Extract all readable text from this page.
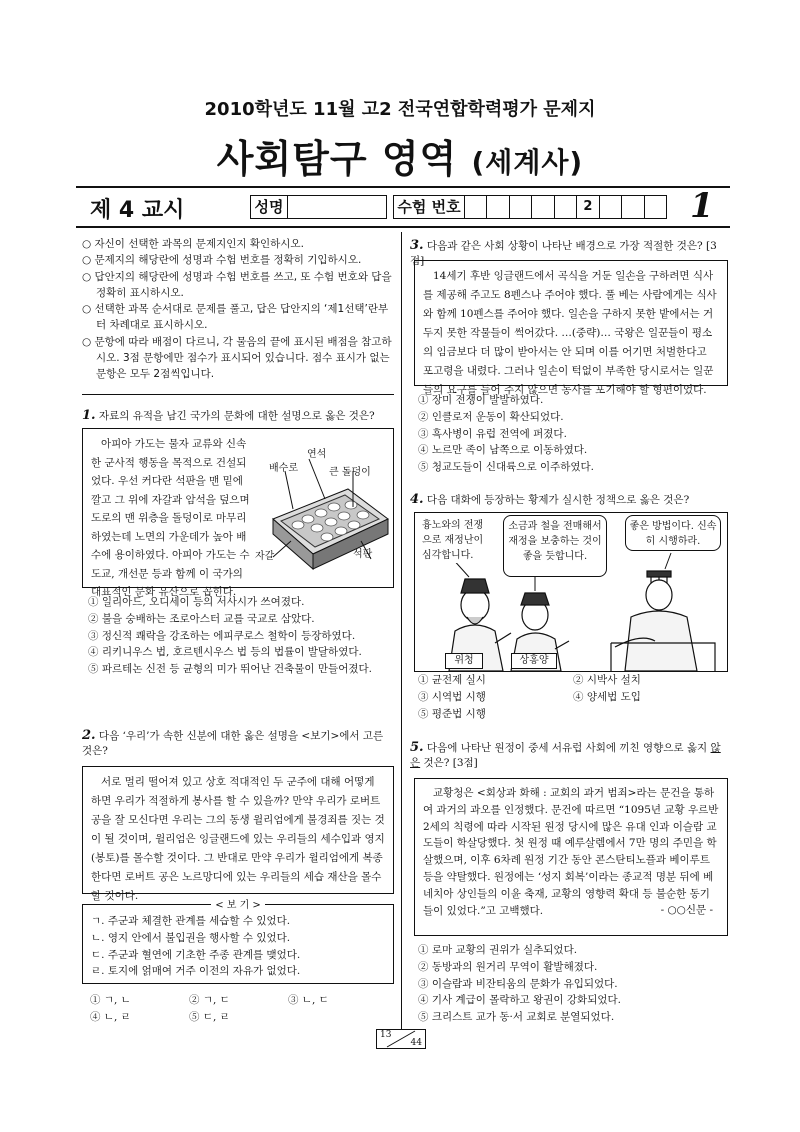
2010학년도 11월 고2 전국연합학력평가 문제지
사회탐구 영역 (세계사)
제 4 교시	성명	수험 번호	2	1
○ 자신이 선택한 과목의 문제지인지 확인하시오.
○ 문제지의 해당란에 성명과 수험 번호를 정확히 기입하시오.
○ 답안지의 해당란에 성명과 수험 번호를 쓰고, 또 수험 번호와 답을 정확히 표시하시오.
○ 선택한 과목 순서대로 문제를 풀고, 답은 답안지의 ‘제1선택’란부터 차례대로 표시하시오.
○ 문항에 따라 배점이 다르니, 각 물음의 끝에 표시된 배점을 참고하시오. 3점 문항에만 점수가 표시되어 있습니다. 점수 표시가 없는 문항은 모두 2점씩입니다.
1. 자료의 유적을 남긴 국가의 문화에 대한 설명으로 옳은 것은?
아피아 가도는 물자 교류와 신속한 군사적 행동을 목적으로 건설되었다. 우선 커다란 석판을 맨 밑에 깔고 그 위에 자갈과 암석을 덮으며 도로의 맨 위층을 돌덩이로 마무리 하였는데 노면의 가운데가 높아 배수에 용이하였다. 아피아 가도는 수도교, 개선문 등과 함께 이 국가의 대표적인 문화 유산으로 꼽힌다.
연석
배수로	큰 돌덩이
자갈	석판
① 일리아드, 오디세이 등의 서사시가 쓰여졌다.
② 불을 숭배하는 조로아스터 교를 국교로 삼았다.
③ 정신적 쾌락을 강조하는 에피쿠로스 철학이 등장하였다.
④ 리키니우스 법, 호르텐시우스 법 등의 법률이 발달하였다.
⑤ 파르테논 신전 등 균형의 미가 뛰어난 건축물이 만들어졌다.
2. 다음 ‘우리’가 속한 신분에 대한 옳은 설명을 <보기>에서 고른 것은?
서로 멀리 떨어져 있고 상호 적대적인 두 군주에 대해 어떻게 하면 우리가 적절하게 봉사를 할 수 있을까? 만약 우리가 로버트 공을 잘 모신다면 우리는 그의 동생 윌리엄에게 불경죄를 짓는 것이 될 것이며, 윌리엄은 잉글랜드에 있는 우리들의 세수입과 영지(봉토)를 몰수할 것이다. 그 반대로 만약 우리가 윌리엄에게 복종한다면 로버트 공은 노르망디에 있는 우리들의 세습 재산을 몰수할 것이다.
< 보 기 >
ㄱ. 주군과 체결한 관계를 세습할 수 있었다.
ㄴ. 영지 안에서 불입권을 행사할 수 있었다.
ㄷ. 주군과 혈연에 기초한 주종 관계를 맺었다.
ㄹ. 토지에 얽매여 거주 이전의 자유가 없었다.
① ㄱ, ㄴ	② ㄱ, ㄷ	③ ㄴ, ㄷ
④ ㄴ, ㄹ	⑤ ㄷ, ㄹ
3. 다음과 같은 사회 상황이 나타난 배경으로 가장 적절한 것은? [3점]
14세기 후반 잉글랜드에서 곡식을 거둔 일손을 구하려면 식사를 제공해 주고도 8펜스나 주어야 했다. 풀 베는 사람에게는 식사와 함께 10펜스를 주어야 했다. 일손을 구하지 못한 밭에서는 거두지 못한 작물들이 썩어갔다. …(중략)… 국왕은 일꾼들이 평소의 임금보다 더 많이 받아서는 안 되며 이를 어기면 처벌한다고 포고령을 내렸다. 그러나 일손이 턱없이 부족한 당시로서는 일꾼들의 요구를 들어 주지 않으면 농사를 포기해야 할 형편이었다.
① 장미 전쟁이 발발하였다.
② 인클로저 운동이 확산되었다.
③ 흑사병이 유럽 전역에 퍼졌다.
④ 노르만 족이 남쪽으로 이동하였다.
⑤ 청교도들이 신대륙으로 이주하였다.
4. 다음 대화에 등장하는 황제가 실시한 정책으로 옳은 것은?
흉노와의 전쟁으로 재정난이 심각합니다.
소금과 철을 전매해서 재정을 보충하는 것이 좋을 듯합니다.
좋은 방법이다. 신속히 시행하라.
위청	상홍양
① 균전제 실시	② 시박사 설치
③ 시역법 시행	④ 양세법 도입
⑤ 평준법 시행
5. 다음에 나타난 원정이 중세 서유럽 사회에 끼친 영향으로 옳지 않은 것은? [3점]
교황청은 <회상과 화해 : 교회의 과거 범죄>라는 문건을 통하여 과거의 과오를 인정했다. 문건에 따르면 “1095년 교황 우르반 2세의 칙령에 따라 시작된 원정 당시에 많은 유대 인과 이슬람 교도들이 학살당했다. 첫 원정 때 예루살렘에서 7만 명의 주민을 학살했으며, 이후 6차례 원정 기간 동안 콘스탄티노플과 베이루트 등을 약탈했다. 원정에는 ‘성지 회복’이라는 종교적 명분 뒤에 베네치아 상인들의 이윤 축재, 교황의 영향력 확대 등 불순한 동기들이 있었다.”고 고백했다.	- ○○신문 -
① 로마 교황의 권위가 실추되었다.
② 동방과의 원거리 무역이 활발해졌다.
③ 이슬람과 비잔티움의 문화가 유입되었다.
④ 기사 계급이 몰락하고 왕권이 강화되었다.
⑤ 크리스트 교가 동·서 교회로 분열되었다.
13
44
